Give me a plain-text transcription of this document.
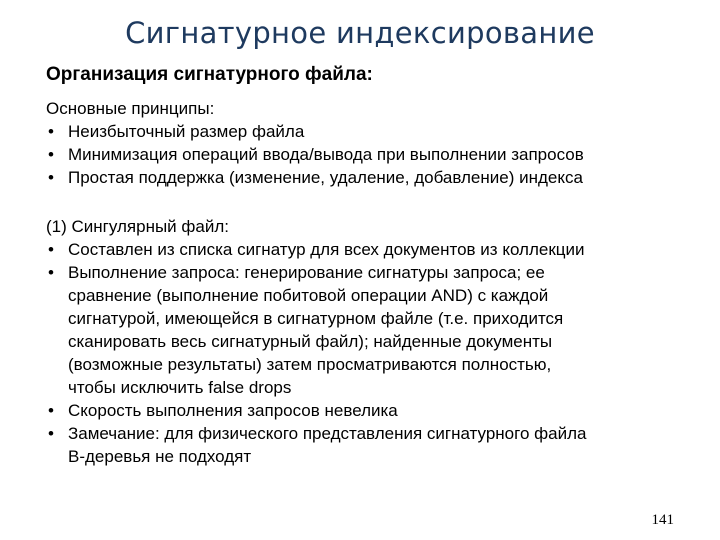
Сигнатурное индексирование
Организация сигнатурного файла:
Основные принципы:
• Неизбыточный размер файла
• Минимизация операций ввода/вывода при выполнении запросов
• Простая поддержка (изменение, удаление, добавление) индекса
(1) Сингулярный файл:
• Составлен из списка сигнатур для всех документов из коллекции
• Выполнение запроса: генерирование сигнатуры запроса; ее
сравнение (выполнение побитовой операции AND) с каждой
сигнатурой, имеющейся в сигнатурном файле (т.е. приходится
сканировать весь сигнатурный файл); найденные документы
(возможные результаты) затем просматриваются полностью,
чтобы исключить false drops
• Скорость выполнения запросов невелика
• Замечание: для физического представления сигнатурного файла
B-деревья не подходят
141
